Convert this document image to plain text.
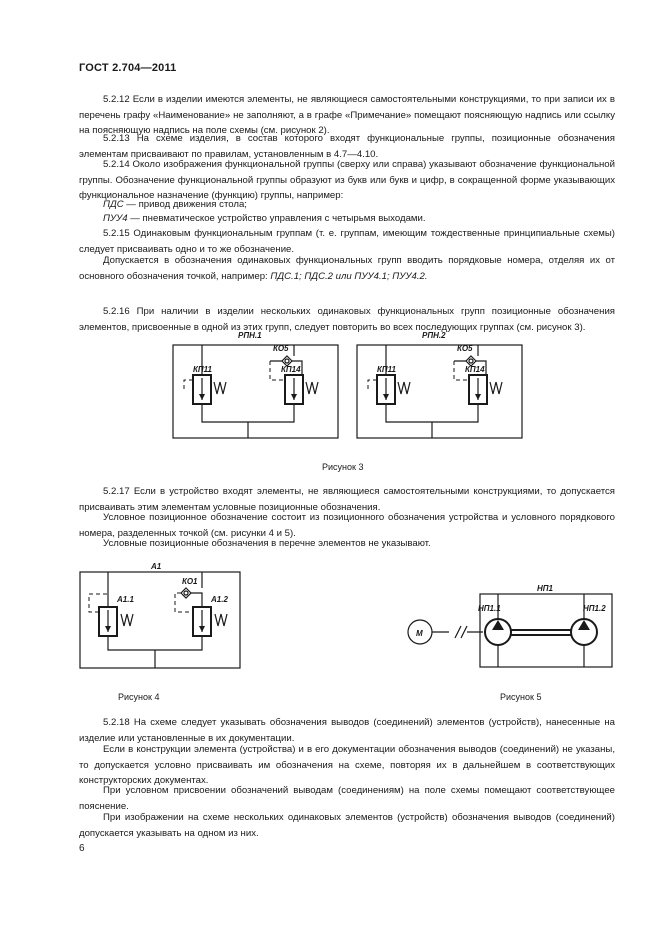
ГОСТ 2.704—2011

5.2.12 Если в изделии имеются элементы, не являющиеся самостоятельными конструкциями, то при записи их в перечень графу «Наименование» не заполняют, а в графе «Примечание» помещают поясняющую надпись или ссылку на поясняющую надпись на поле схемы (см. рисунок 2).

5.2.13 На схеме изделия, в состав которого входят функциональные группы, позиционные обозначения элементам присваивают по правилам, установленным в 4.7—4.10.

5.2.14 Около изображения функциональной группы (сверху или справа) указывают обозначение функциональной группы. Обозначение функциональной группы образуют из букв или букв и цифр, в сокращенной форме указывающих функциональное назначение (функцию) группы, например:

ПДС — привод движения стола;

ПУУ4 — пневматическое устройство управления с четырьмя выходами.

5.2.15 Одинаковым функциональным группам (т. е. группам, имеющим тождественные принципиальные схемы) следует присваивать одно и то же обозначение.

Допускается в обозначения одинаковых функциональных групп вводить порядковые номера, отделяя их от основного обозначения точкой, например: ПДС.1; ПДС.2 или ПУУ4.1; ПУУ4.2.

5.2.16 При наличии в изделии нескольких одинаковых функциональных групп позиционные обозначения элементов, присвоенные в одной из этих групп, следует повторить во всех последующих группах (см. рисунок 3).

РПН.1
КП11	КП14
КО5
РПН.2
КП11	КП14
КО5
Рисунок 3

5.2.17 Если в устройство входят элементы, не являющиеся самостоятельными конструкциями, то допускается присваивать этим элементам условные позиционные обозначения.

Условное позиционное обозначение состоит из позиционного обозначения устройства и условного порядкового номера, разделенных точкой (см. рисунки 4 и 5).

Условные позиционные обозначения в перечне элементов не указывают.

А1
КО1
А1.1	А1.2
Рисунок 4
НП1
НП1.1	НП1.2
М
Рисунок 5

5.2.18 На схеме следует указывать обозначения выводов (соединений) элементов (устройств), нанесенные на изделие или установленные в их документации.

Если в конструкции элемента (устройства) и в его документации обозначения выводов (соединений) не указаны, то допускается условно присваивать им обозначения на схеме, повторяя их в дальнейшем в соответствующих конструкторских документах.

При условном присвоении обозначений выводам (соединениям) на поле схемы помещают соответствующее пояснение.

При изображении на схеме нескольких одинаковых элементов (устройств) обозначения выводов (соединений) допускается указывать на одном из них.

6
